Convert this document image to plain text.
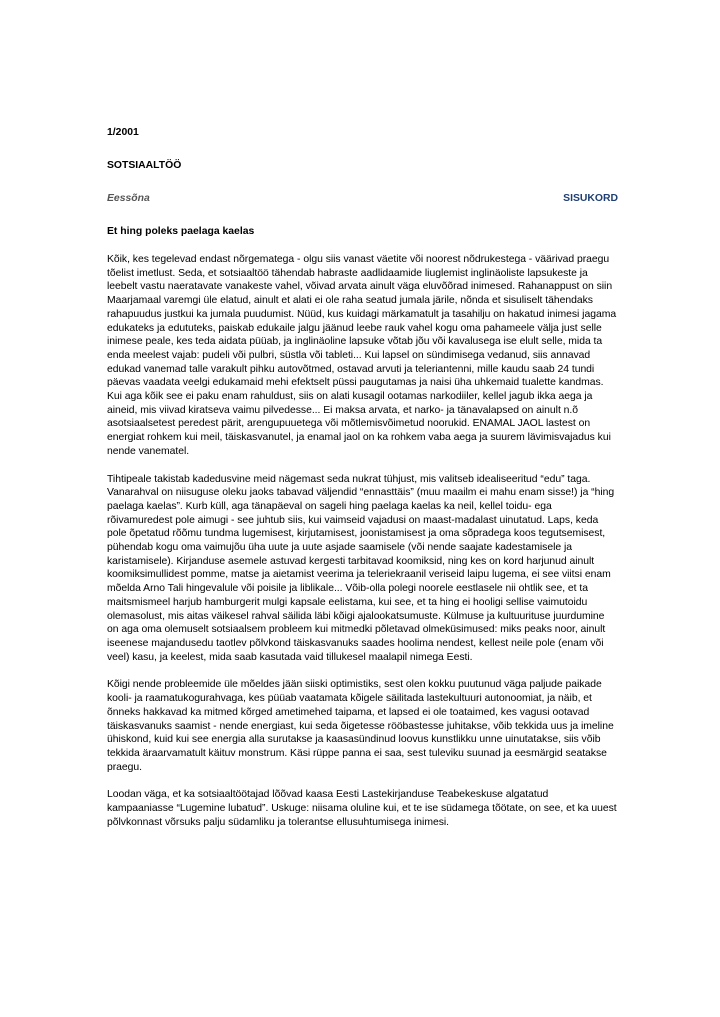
1/2001
SOTSIAALTÖÖ
Eessõna	SISUKORD
Et hing poleks paelaga kaelas

Kõik, kes tegelevad endast nõrgematega - olgu siis vanast väetite või noorest nõdrukestega - väärivad praegu tõelist imetlust. Seda, et sotsiaaltöö tähendab habraste aadlidaamide liuglemist inglinäoliste lapsukeste ja leebelt vastu naeratavate vanakeste vahel, võivad arvata ainult väga eluvõõrad inimesed. Rahanappust on siin Maarjamaal varemgi üle elatud, ainult et alati ei ole raha seatud jumala järile, nõnda et sisuliselt tähendaks rahapuudus justkui ka jumala puudumist. Nüüd, kus kuidagi märkamatult ja tasahilju on hakatud inimesi jagama edukateks ja edututeks, paiskab edukaile jalgu jäänud leebe rauk vahel kogu oma pahameele välja just selle inimese peale, kes teda aidata püüab, ja inglinäoline lapsuke võtab jõu või kavalusega ise elult selle, mida ta enda meelest vajab: pudeli või pulbri, süstla või tableti... Kui lapsel on sündimisega vedanud, siis annavad edukad vanemad talle varakult pihku autovõtmed, ostavad arvuti ja teleriantenni, mille kaudu saab 24 tundi päevas vaadata veelgi edukamaid mehi efektselt püssi paugutamas ja naisi üha uhkemaid tualette kandmas. Kui aga kõik see ei paku enam rahuldust, siis on alati kusagil ootamas narkodiiler, kellel jagub ikka aega ja aineid, mis viivad kiratseva vaimu pilvedesse... Ei maksa arvata, et narko- ja tänavalapsed on ainult n.õ asotsiaalsetest peredest pärit, arengupuuetega või mõtlemisvõimetud noorukid. ENAMAL JAOL lastest on energiat rohkem kui meil, täiskasvanutel, ja enamal jaol on ka rohkem vaba aega ja suurem lävimisvajadus kui nende vanematel.

Tihtipeale takistab kadedusvine meid nägemast seda nukrat tühjust, mis valitseb idealiseeritud “edu” taga. Vanarahval on niisuguse oleku jaoks tabavad väljendid “ennasttäis” (muu maailm ei mahu enam sisse!) ja “hing paelaga kaelas”. Kurb küll, aga tänapäeval on sageli hing paelaga kaelas ka neil, kellel toidu- ega rõivamuredest pole aimugi - see juhtub siis, kui vaimseid vajadusi on maast-madalast uinutatud. Laps, keda pole õpetatud rõõmu tundma lugemisest, kirjutamisest, joonistamisest ja oma sõpradega koos tegutsemisest, pühendab kogu oma vaimujõu üha uute ja uute asjade saamisele (või nende saajate kadestamisele ja karistamisele). Kirjanduse asemele astuvad kergesti tarbitavad koomiksid, ning kes on kord harjunud ainult koomiksimullidest pomme, matse ja aietamist veerima ja teleriekraanil veriseid laipu lugema, ei see viitsi enam mõelda Arno Tali hingevalule või poisile ja liblikale... Võib-olla polegi noorele eestlasele nii ohtlik see, et ta maitsmismeel harjub hamburgerit mulgi kapsale eelistama, kui see, et ta hing ei hooligi sellise vaimutoidu olemasolust, mis aitas väikesel rahval säilida läbi kõigi ajalookatsumuste. Külmuse ja kultuurituse juurdumine on aga oma olemuselt sotsiaalsem probleem kui mitmedki põletavad olmeküsimused: miks peaks noor, ainult iseenese majandusedu taotlev põlvkond täiskasvanuks saades hoolima nendest, kellest neile pole (enam või veel) kasu, ja keelest, mida saab kasutada vaid tillukesel maalapil nimega Eesti.

Kõigi nende probleemide üle mõeldes jään siiski optimistiks, sest olen kokku puutunud väga paljude paikade kooli- ja raamatukogurahvaga, kes püüab vaatamata kõigele säilitada lastekultuuri autonoomiat, ja näib, et õnneks hakkavad ka mitmed kõrged ametimehed taipama, et lapsed ei ole toataimed, kes vagusi ootavad täiskasvanuks saamist - nende energiast, kui seda õigetesse rööbastesse juhitakse, võib tekkida uus ja imeline ühiskond, kuid kui see energia alla surutakse ja kaasasündinud loovus kunstlikku unne uinutatakse, siis võib tekkida äraarvamatult käituv monstrum. Käsi rüppe panna ei saa, sest tuleviku suunad ja eesmärgid seatakse praegu.

Loodan väga, et ka sotsiaaltöötajad lõõvad kaasa Eesti Lastekirjanduse Teabekeskuse algatatud kampaaniasse “Lugemine lubatud”. Uskuge: niisama oluline kui, et te ise südamega tõötate, on see, et ka uuest põlvkonnast võrsuks palju südamliku ja tolerantse ellusuhtumisega inimesi.
